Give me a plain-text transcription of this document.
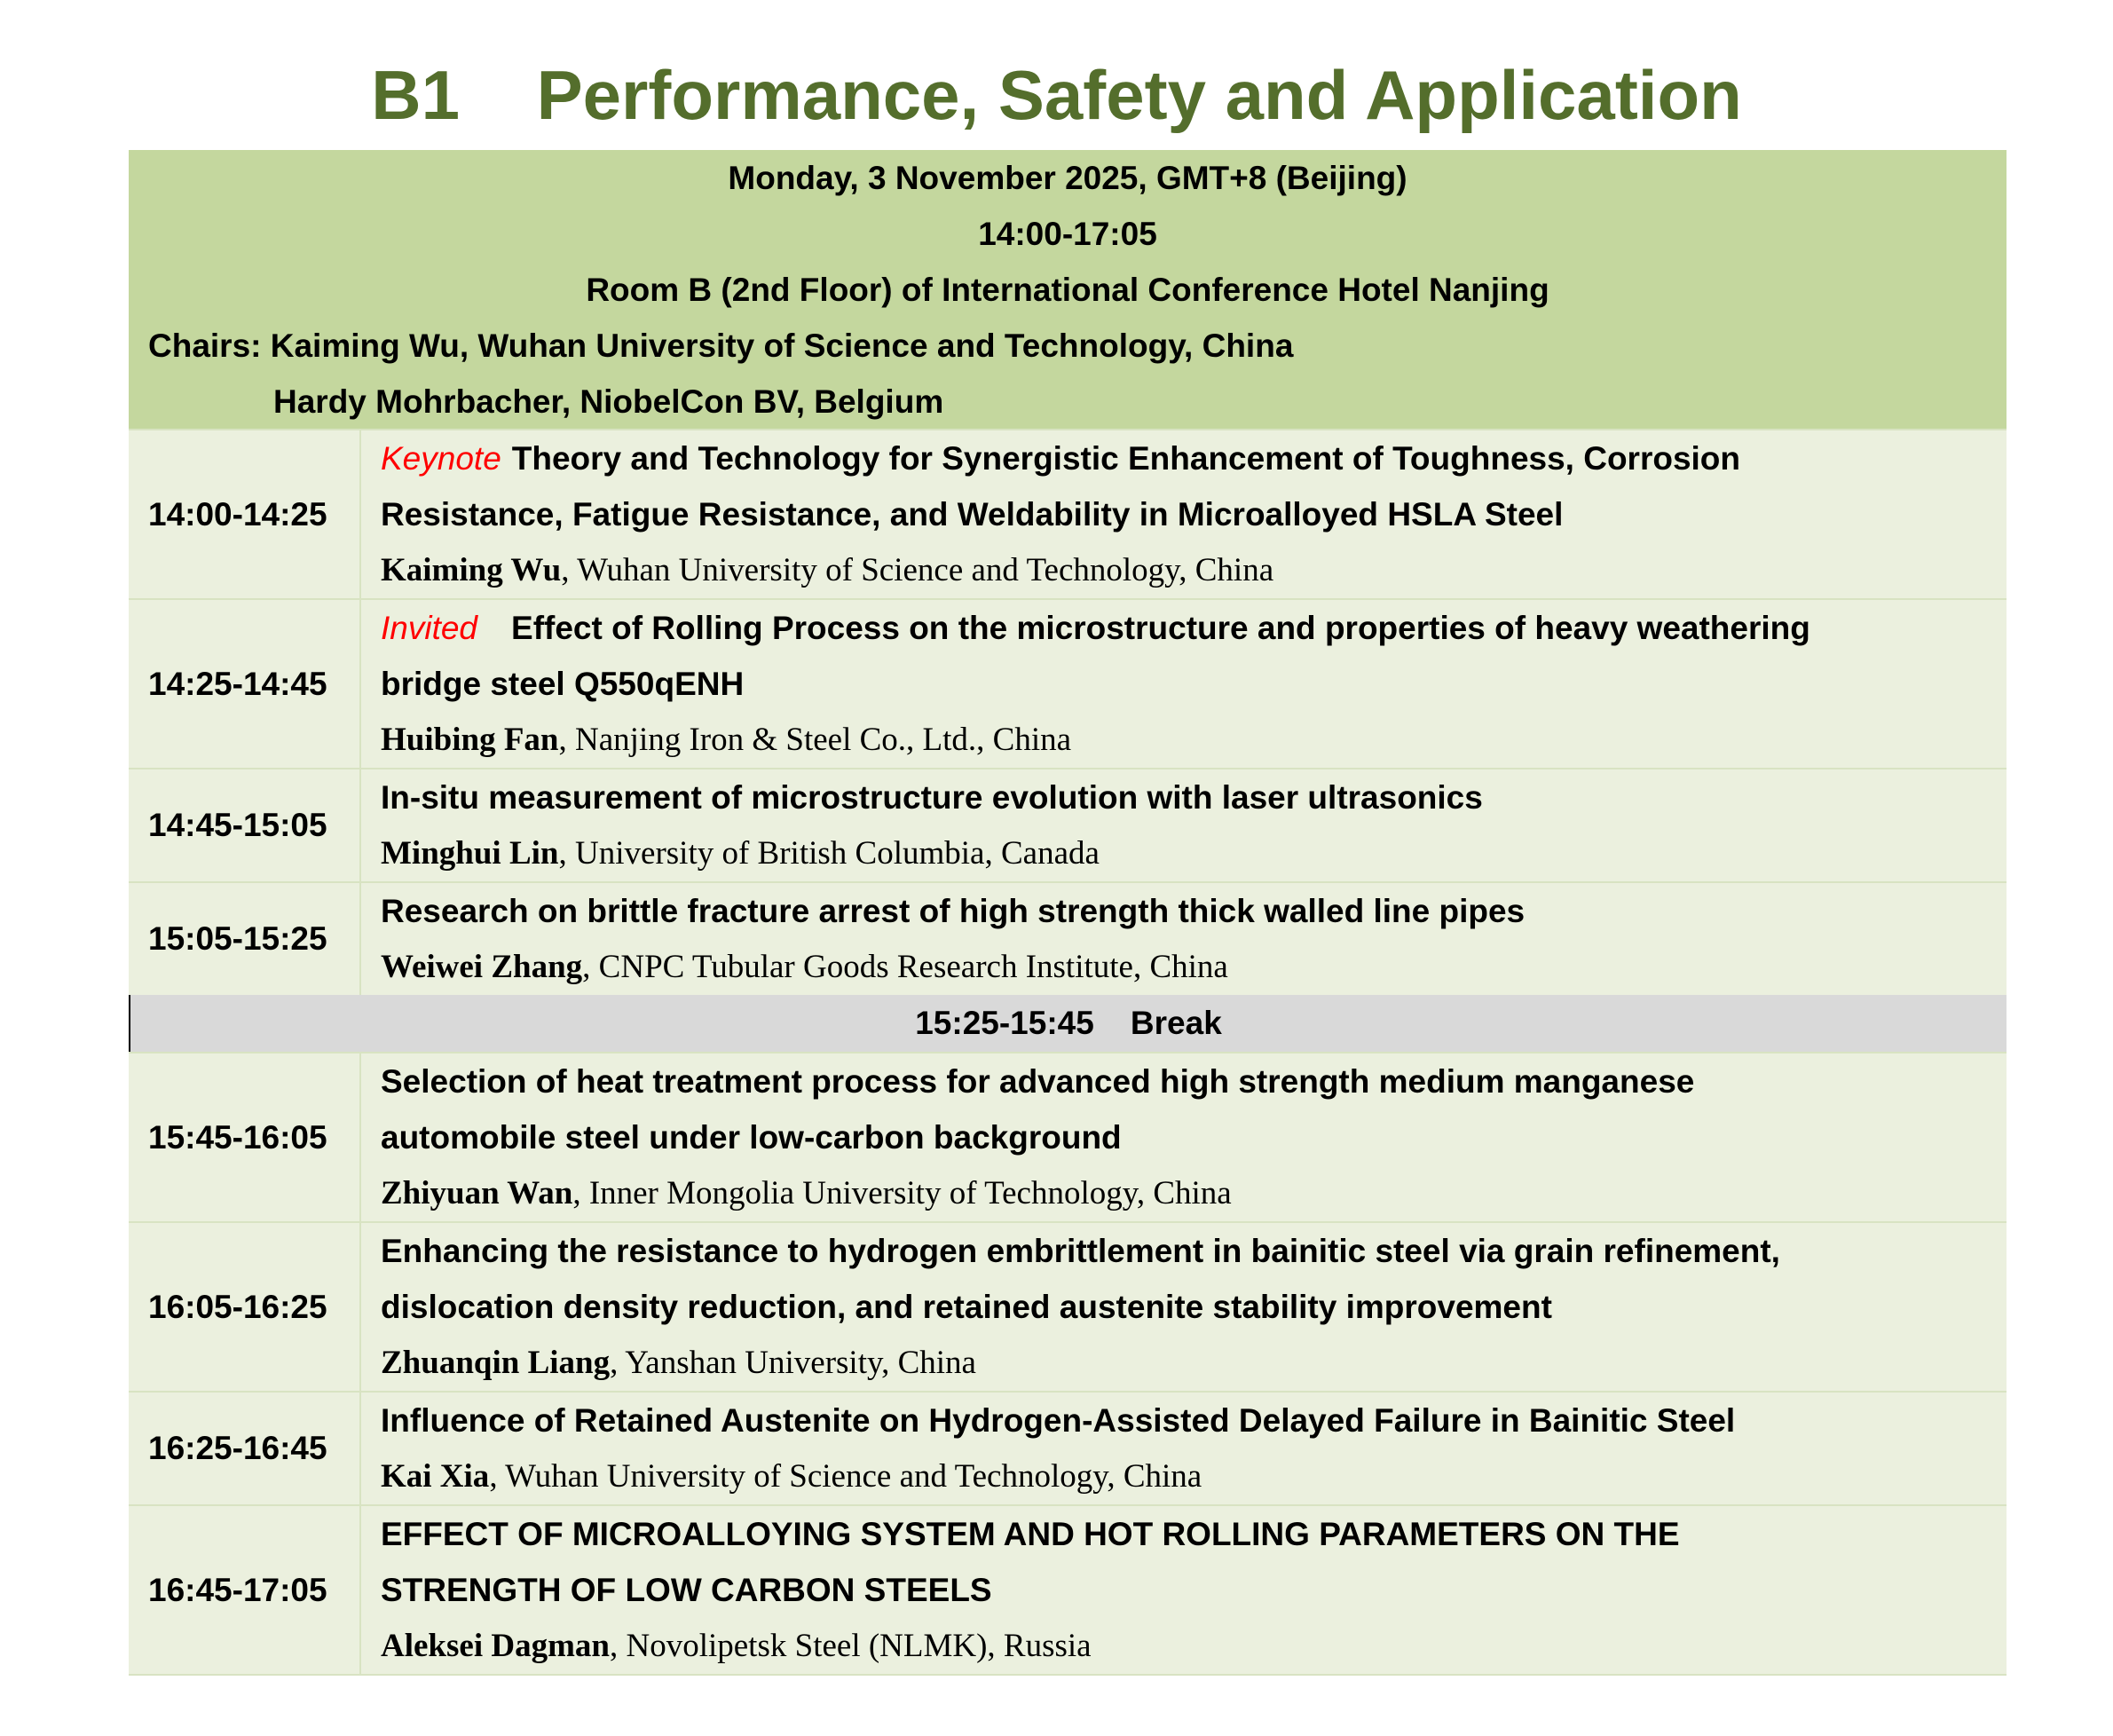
B1    Performance, Safety and Application
Monday, 3 November 2025, GMT+8 (Beijing)
14:00-17:05
Room B (2nd Floor) of International Conference Hotel Nanjing
Chairs: Kaiming Wu, Wuhan University of Science and Technology, China
Hardy Mohrbacher, NiobelCon BV, Belgium
14:00-14:25
Keynote Theory and Technology for Synergistic Enhancement of Toughness, Corrosion
Resistance, Fatigue Resistance, and Weldability in Microalloyed HSLA Steel
Kaiming Wu, Wuhan University of Science and Technology, China
14:25-14:45
Invited Effect of Rolling Process on the microstructure and properties of heavy weathering
bridge steel Q550qENH
Huibing Fan, Nanjing Iron & Steel Co., Ltd., China
14:45-15:05
In-situ measurement of microstructure evolution with laser ultrasonics
Minghui Lin, University of British Columbia, Canada
15:05-15:25
Research on brittle fracture arrest of high strength thick walled line pipes
Weiwei Zhang, CNPC Tubular Goods Research Institute, China
15:25-15:45    Break
15:45-16:05
Selection of heat treatment process for advanced high strength medium manganese
automobile steel under low-carbon background
Zhiyuan Wan, Inner Mongolia University of Technology, China
16:05-16:25
Enhancing the resistance to hydrogen embrittlement in bainitic steel via grain refinement,
dislocation density reduction, and retained austenite stability improvement
Zhuanqin Liang, Yanshan University, China
16:25-16:45
Influence of Retained Austenite on Hydrogen-Assisted Delayed Failure in Bainitic Steel
Kai Xia, Wuhan University of Science and Technology, China
16:45-17:05
EFFECT OF MICROALLOYING SYSTEM AND HOT ROLLING PARAMETERS ON THE
STRENGTH OF LOW CARBON STEELS
Aleksei Dagman, Novolipetsk Steel (NLMK), Russia
